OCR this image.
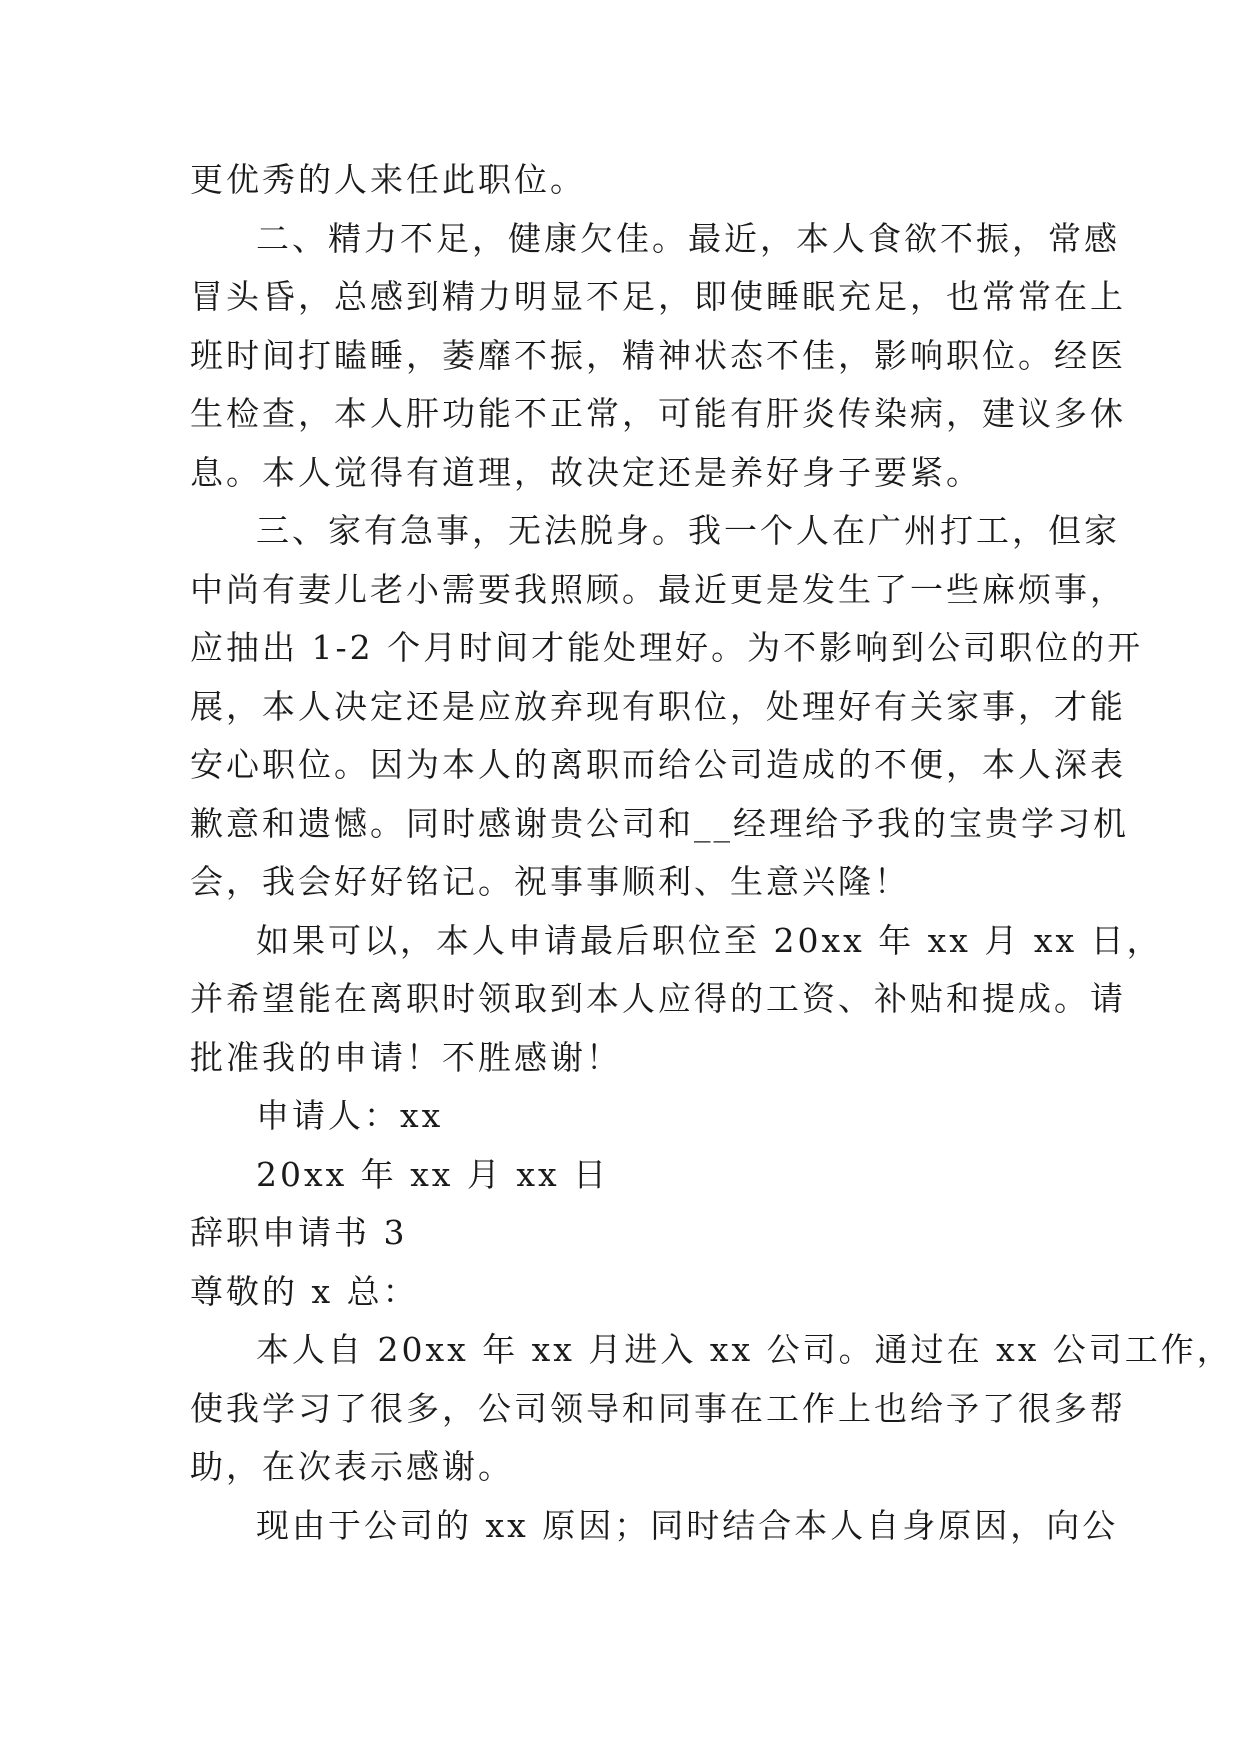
更优秀的人来任此职位。
二、精力不足，健康欠佳。最近，本人食欲不振，常感
冒头昏，总感到精力明显不足，即使睡眠充足，也常常在上
班时间打瞌睡，萎靡不振，精神状态不佳，影响职位。经医
生检查，本人肝功能不正常，可能有肝炎传染病，建议多休
息。本人觉得有道理，故决定还是养好身子要紧。
三、家有急事，无法脱身。我一个人在广州打工，但家
中尚有妻儿老小需要我照顾。最近更是发生了一些麻烦事，
应抽出 1-2 个月时间才能处理好。为不影响到公司职位的开
展，本人决定还是应放弃现有职位，处理好有关家事，才能
安心职位。因为本人的离职而给公司造成的不便，本人深表
歉意和遗憾。同时感谢贵公司和__经理给予我的宝贵学习机
会，我会好好铭记。祝事事顺利、生意兴隆！
如果可以，本人申请最后职位至 20xx 年 xx 月 xx 日，
并希望能在离职时领取到本人应得的工资、补贴和提成。请
批准我的申请！不胜感谢！
申请人：xx
20xx 年 xx 月 xx 日
辞职申请书 3
尊敬的 x 总：
本人自 20xx 年 xx 月进入 xx 公司。通过在 xx 公司工作，
使我学习了很多，公司领导和同事在工作上也给予了很多帮
助，在次表示感谢。
现由于公司的 xx 原因；同时结合本人自身原因，向公
